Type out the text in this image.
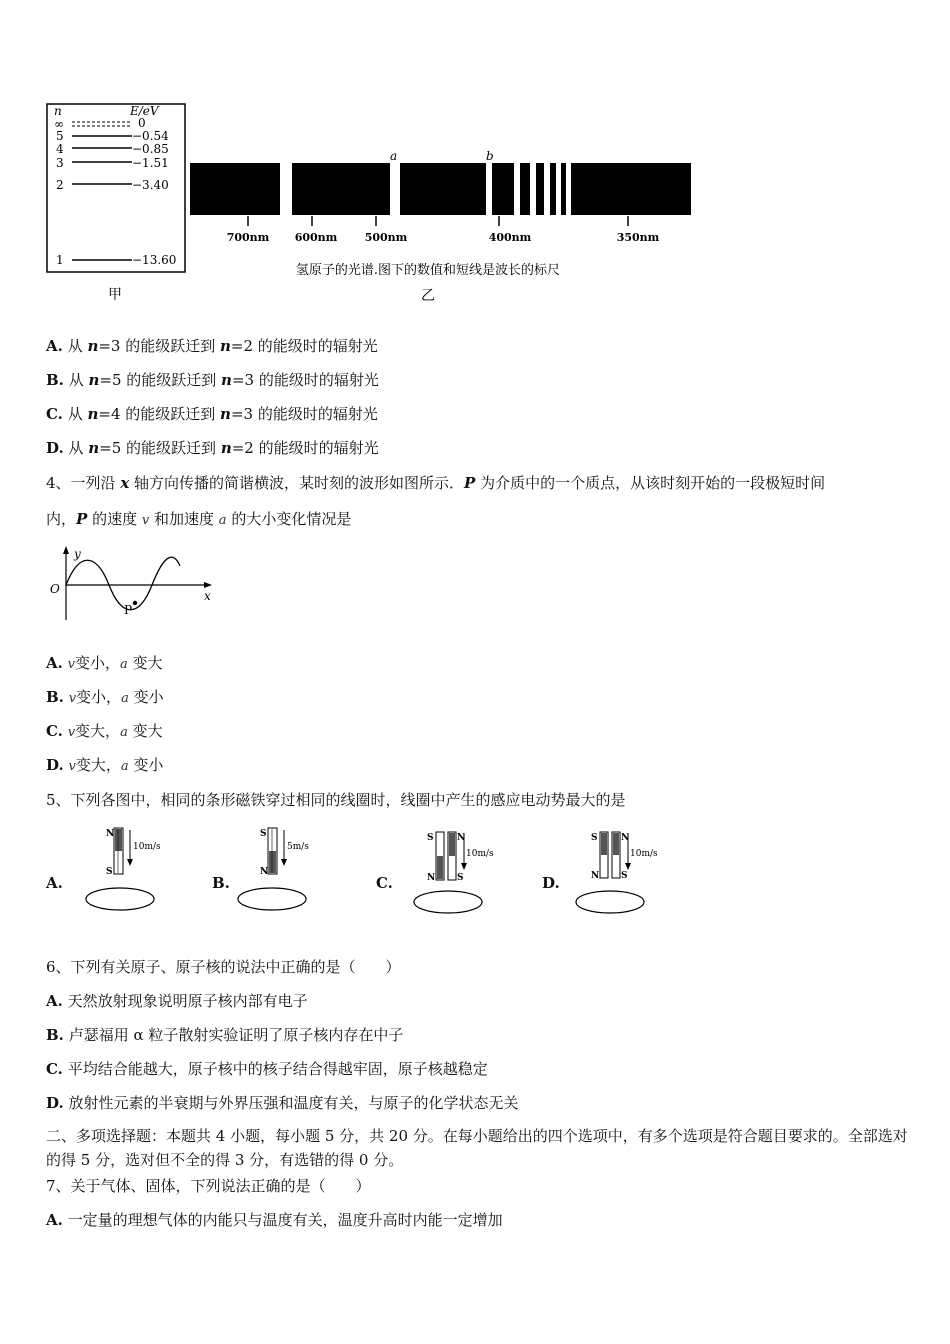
n	E/eV
∞	0
5	−0.54
4	−0.85
3	−1.51
2	−3.40
1	−13.60
甲
a	b
700nm 600nm 500nm	400nm	350nm
氢原子的光谱.图下的数值和短线是波长的标尺
乙
A. 从 n=3 的能级跃迁到 n=2 的能级时的辐射光
B. 从 n=5 的能级跃迁到 n=3 的能级时的辐射光
C. 从 n=4 的能级跃迁到 n=3 的能级时的辐射光
D. 从 n=5 的能级跃迁到 n=2 的能级时的辐射光
4、一列沿 x 轴方向传播的简谐横波，某时刻的波形如图所示．P 为介质中的一个质点，从该时刻开始的一段极短时间
内，P 的速度 v 和加速度 a 的大小变化情况是
y
O	x
P
A. v变小，a 变大
B. v变小，a 变小
C. v变大，a 变大
D. v变大，a 变小
5、下列各图中，相同的条形磁铁穿过相同的线圈时，线圈中产生的感应电动势最大的是
A.
N
S
10m/s
B.
S
N
5m/s
C.
S
N
N
S
10m/s
D.
S
N
N
S
10m/s
6、下列有关原子、原子核的说法中正确的是（　　）
A. 天然放射现象说明原子核内部有电子
B. 卢瑟福用 α 粒子散射实验证明了原子核内存在中子
C. 平均结合能越大，原子核中的核子结合得越牢固，原子核越稳定
D. 放射性元素的半衰期与外界压强和温度有关，与原子的化学状态无关
二、多项选择题：本题共 4 小题，每小题 5 分，共 20 分。在每小题给出的四个选项中，有多个选项是符合题目要求的。全部选对的得 5 分，选对但不全的得 3 分，有选错的得 0 分。
7、关于气体、固体，下列说法正确的是（　　）
A. 一定量的理想气体的内能只与温度有关，温度升高时内能一定增加
